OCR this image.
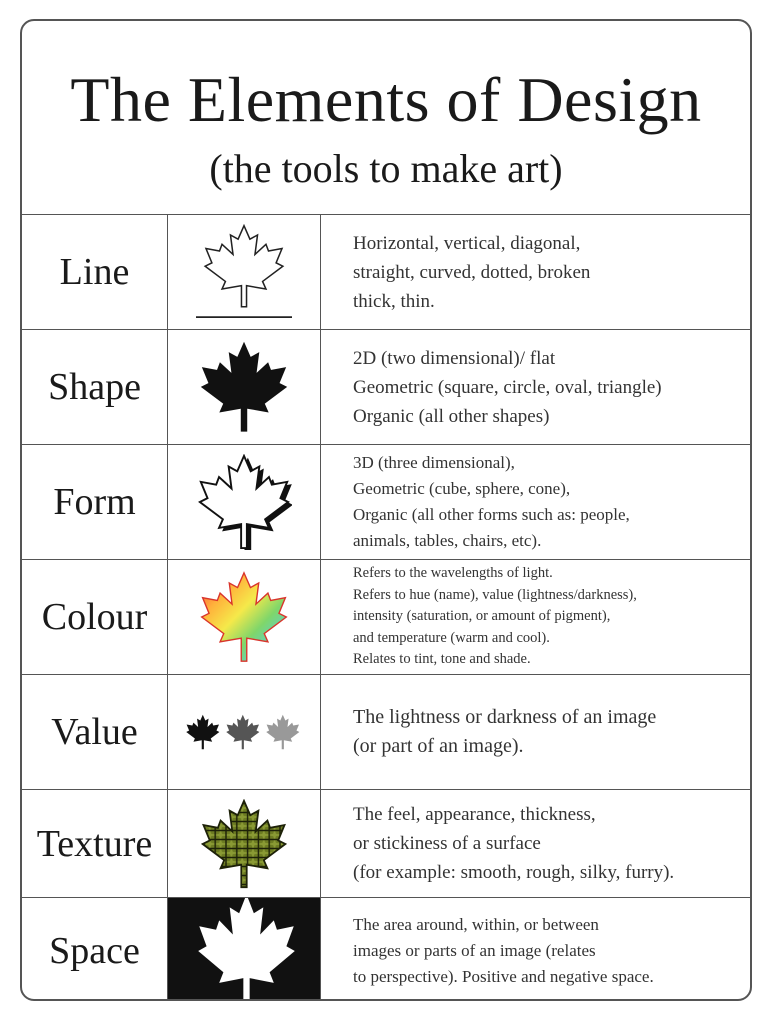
The Elements of Design
(the tools to make art)
Line

Horizontal, vertical, diagonal,

straight, curved, dotted, broken

thick, thin.

Shape

2D (two dimensional)/ flat

Geometric (square, circle, oval, triangle)

Organic (all other shapes)

Form

3D (three dimensional),

Geometric (cube, sphere, cone),

Organic (all other forms such as: people,

animals, tables, chairs, etc).

Colour

Refers to the wavelengths of light.

Refers to hue (name), value (lightness/darkness),

intensity (saturation, or amount of pigment),

and temperature (warm and cool).

Relates to tint, tone and shade.

Value	The lightness or darkness of an image

(or part of an image).

Texture

The feel, appearance, thickness,

or stickiness of a surface

(for example: smooth, rough, silky, furry).

Space

The area around, within, or between

images or parts of an image (relates

to perspective). Positive and negative space.
